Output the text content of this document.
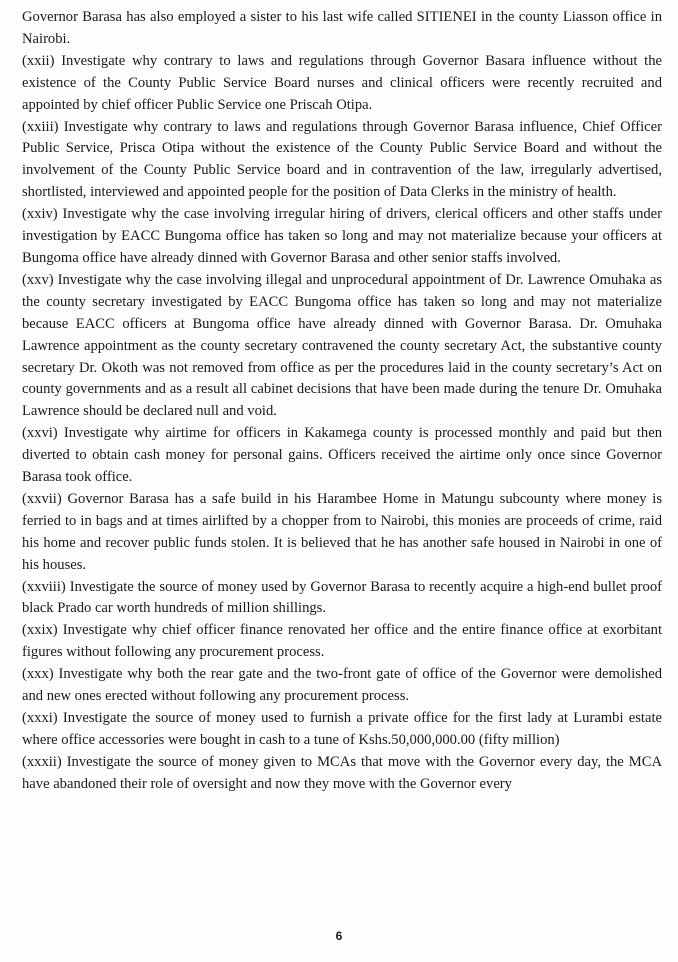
Governor Barasa has also employed a sister to his last wife called SITIENEI in the county Liasson office in Nairobi.

(xxii) Investigate why contrary to laws and regulations through Governor Basara influence without the existence of the County Public Service Board nurses and clinical officers were recently recruited and appointed by chief officer Public Service one Priscah Otipa.

(xxiii) Investigate why contrary to laws and regulations through Governor Barasa influence, Chief Officer Public Service, Prisca Otipa without the existence of the County Public Service Board and without the involvement of the County Public Service board and in contravention of the law, irregularly advertised, shortlisted, interviewed and appointed people for the position of Data Clerks in the ministry of health.

(xxiv) Investigate why the case involving irregular hiring of drivers, clerical officers and other staffs under investigation by EACC Bungoma office has taken so long and may not materialize because your officers at Bungoma office have already dinned with Governor Barasa and other senior staffs involved.

(xxv) Investigate why the case involving illegal and unprocedural appointment of Dr. Lawrence Omuhaka as the county secretary investigated by EACC Bungoma office has taken so long and may not materialize because EACC officers at Bungoma office have already dinned with Governor Barasa. Dr. Omuhaka Lawrence appointment as the county secretary contravened the county secretary Act, the substantive county secretary Dr. Okoth was not removed from office as per the procedures laid in the county secretary’s Act on county governments and as a result all cabinet decisions that have been made during the tenure Dr. Omuhaka Lawrence should be declared null and void.

(xxvi) Investigate why airtime for officers in Kakamega county is processed monthly and paid but then diverted to obtain cash money for personal gains. Officers received the airtime only once since Governor Barasa took office.

(xxvii) Governor Barasa has a safe build in his Harambee Home in Matungu subcounty where money is ferried to in bags and at times airlifted by a chopper from to Nairobi, this monies are proceeds of crime, raid his home and recover public funds stolen. It is believed that he has another safe housed in Nairobi in one of his houses.

(xxviii) Investigate the source of money used by Governor Barasa to recently acquire a high-end bullet proof black Prado car worth hundreds of million shillings.

(xxix) Investigate why chief officer finance renovated her office and the entire finance office at exorbitant figures without following any procurement process.

(xxx) Investigate why both the rear gate and the two-front gate of office of the Governor were demolished and new ones erected without following any procurement process.

(xxxi) Investigate the source of money used to furnish a private office for the first lady at Lurambi estate where office accessories were bought in cash to a tune of Kshs.50,000,000.00 (fifty million)

(xxxii) Investigate the source of money given to MCAs that move with the Governor every day, the MCA have abandoned their role of oversight and now they move with the Governor every

6
